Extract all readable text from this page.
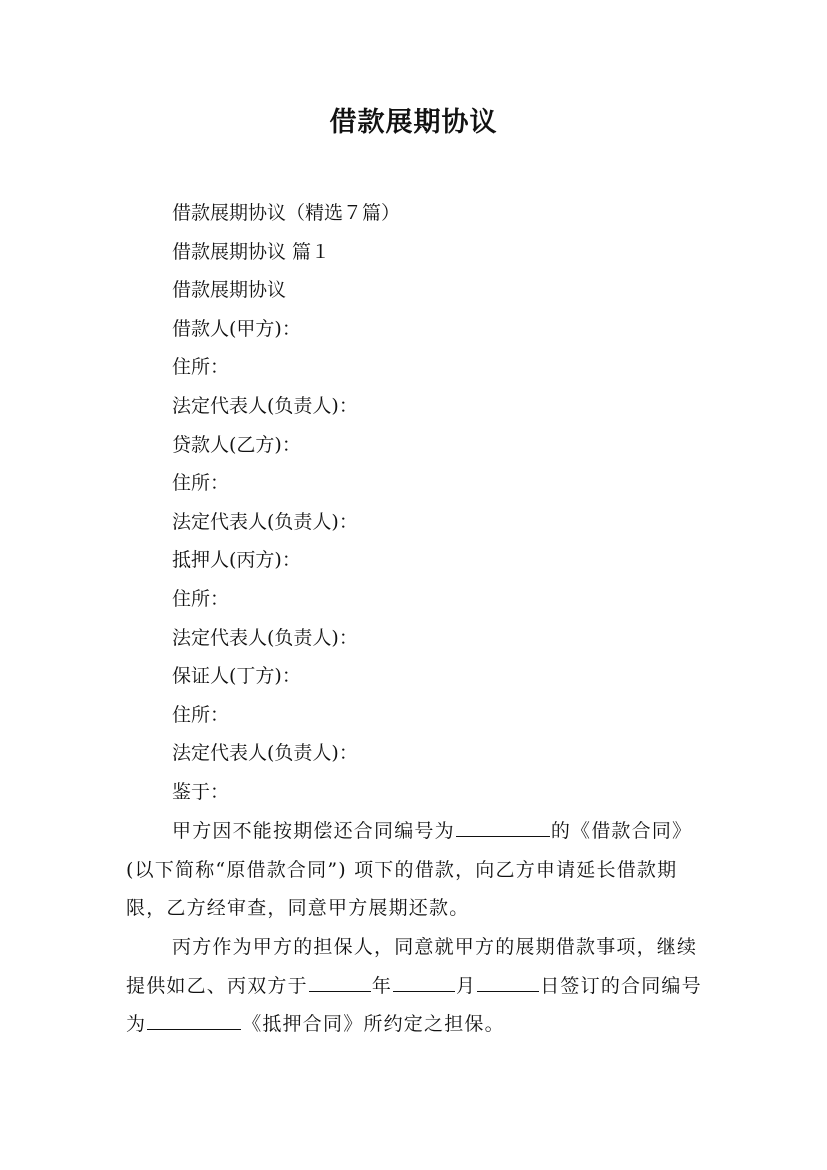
借款展期协议
借款展期协议（精选７篇）
借款展期协议 篇１
借款展期协议
借款人(甲方)：
住所：
法定代表人(负责人)：
贷款人(乙方)：
住所：
法定代表人(负责人)：
抵押人(丙方)：
住所：
法定代表人(负责人)：
保证人(丁方)：
住所：
法定代表人(负责人)：
鉴于：
甲方因不能按期偿还合同编号为	的《借款合同》(以下简称“原借款合同”) 项下的借款，向乙方申请延长借款期限，乙方经审查，同意甲方展期还款。
丙方作为甲方的担保人，同意就甲方的展期借款事项，继续提供如乙、丙双方于	年	月	日签订的合同编号为	《抵押合同》所约定之担保。
